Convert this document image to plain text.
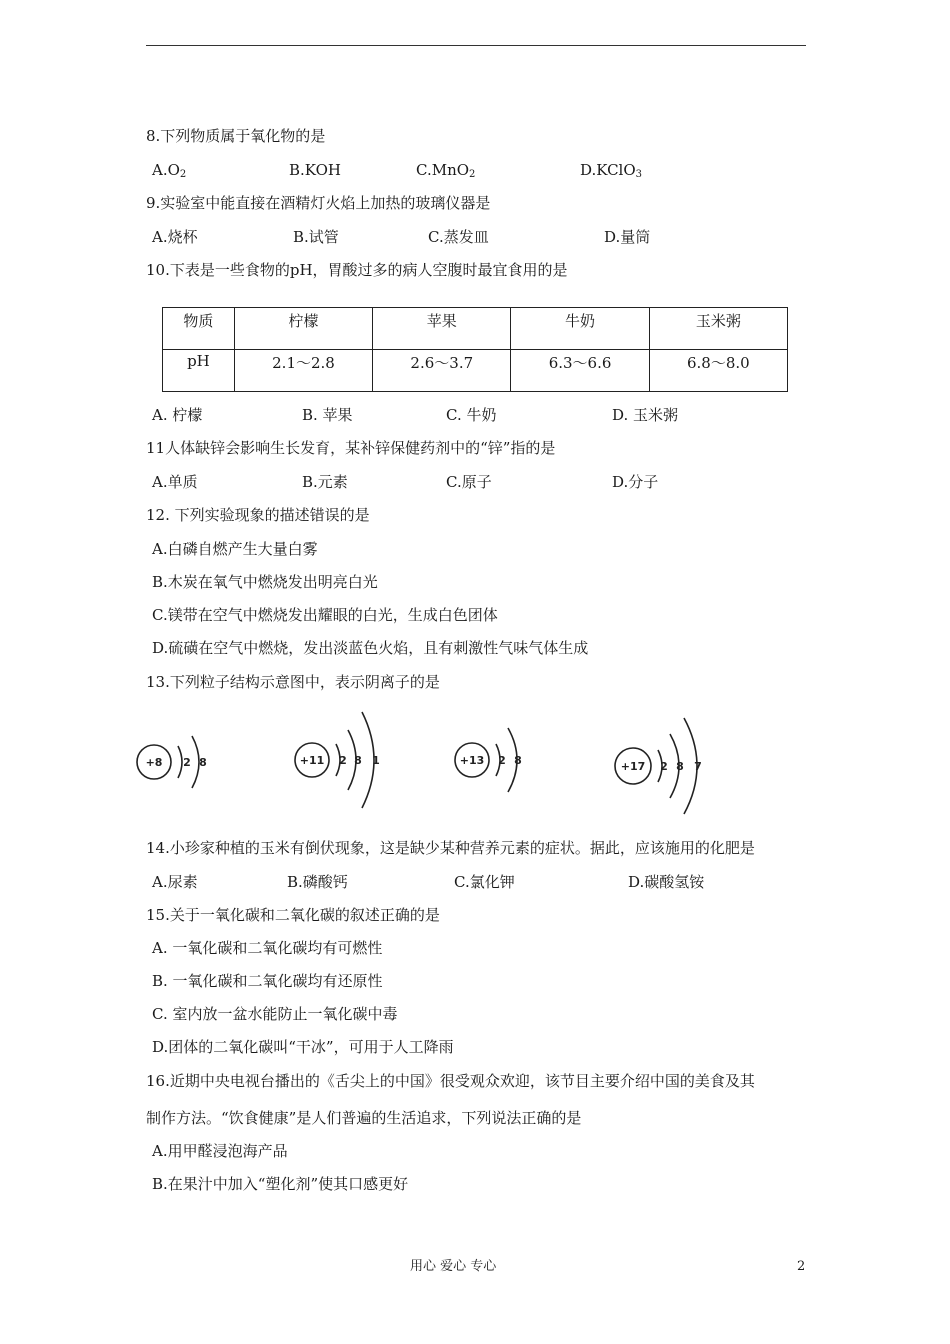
8.下列物质属于氧化物的是
$A.O_2$	B.KOH	C.MnO$_2$	D.KClO$_3$
9.实验室中能直接在酒精灯火焰上加热的玻璃仪器是
A.烧杯	B.试管	C.蒸发皿	D.量筒
10.下表是一些食物的pH，胃酸过多的病人空腹时最宜食用的是
物质	柠檬	苹果	牛奶	玉米粥
pH	2.1～2.8	2.6～3.7	6.3～6.6	6.8～8.0
A. 柠檬	B. 苹果	C. 牛奶	D. 玉米粥
11人体缺锌会影响生长发育，某补锌保健药剂中的“锌”指的是
A.单质	B.元素	C.原子	D.分子
12. 下列实验现象的描述错误的是
A.白磷自燃产生大量白雾
B.木炭在氧气中燃烧发出明亮白光
C.镁带在空气中燃烧发出耀眼的白光，生成白色团体
D.硫磺在空气中燃烧，发出淡蓝色火焰，且有刺激性气味气体生成
13.下列粒子结构示意图中，表示阴离子的是
+8 2 8	+11 2 8 1	+13 2 8	+17 2 8 7
14.小珍家种植的玉米有倒伏现象，这是缺少某种营养元素的症状。据此，应该施用的化肥是
A.尿素	B.磷酸钙	C.氯化钾	D.碳酸氢铵
15.关于一氧化碳和二氧化碳的叙述正确的是
A. 一氧化碳和二氧化碳均有可燃性
B. 一氧化碳和二氧化碳均有还原性
C. 室内放一盆水能防止一氧化碳中毒
D.团体的二氧化碳叫“干冰”，可用于人工降雨
16.近期中央电视台播出的《舌尖上的中国》很受观众欢迎，该节目主要介绍中国的美食及其
制作方法。“饮食健康”是人们普遍的生活追求，下列说法正确的是
A.用甲醛浸泡海产品
B.在果汁中加入“塑化剂”使其口感更好
用心 爱心 专心	2
